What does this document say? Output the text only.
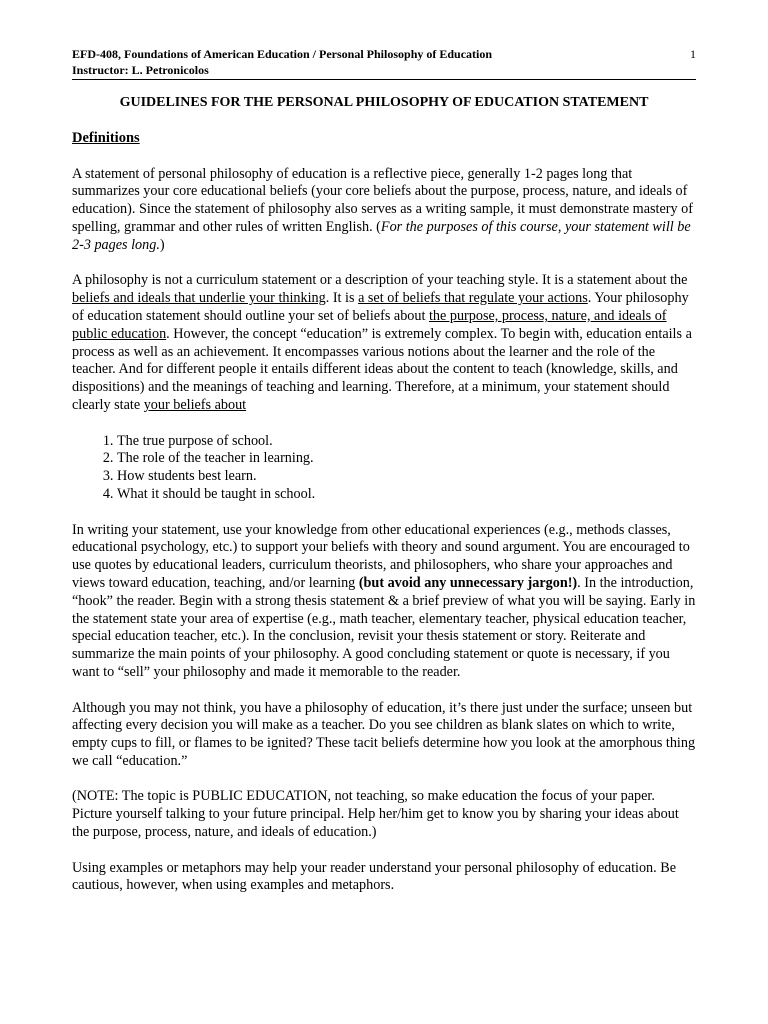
EFD-408, Foundations of American Education / Personal Philosophy of Education
Instructor: L. Petronicolos
1
GUIDELINES FOR THE PERSONAL PHILOSOPHY OF EDUCATION STATEMENT
Definitions

A statement of personal philosophy of education is a reflective piece, generally 1-2 pages long that summarizes your core educational beliefs (your core beliefs about the purpose, process, nature, and ideals of education). Since the statement of philosophy also serves as a writing sample, it must demonstrate mastery of spelling, grammar and other rules of written English. (For the purposes of this course, your statement will be 2-3 pages long.)

A philosophy is not a curriculum statement or a description of your teaching style. It is a statement about the beliefs and ideals that underlie your thinking. It is a set of beliefs that regulate your actions. Your philosophy of education statement should outline your set of beliefs about the purpose, process, nature, and ideals of public education. However, the concept “education” is extremely complex. To begin with, education entails a process as well as an achievement. It encompasses various notions about the learner and the role of the teacher. And for different people it entails different ideas about the content to teach (knowledge, skills, and dispositions) and the meanings of teaching and learning. Therefore, at a minimum, your statement should clearly state your beliefs about

1. The true purpose of school.
2. The role of the teacher in learning.
3. How students best learn.
4. What it should be taught in school.

In writing your statement, use your knowledge from other educational experiences (e.g., methods classes, educational psychology, etc.) to support your beliefs with theory and sound argument. You are encouraged to use quotes by educational leaders, curriculum theorists, and philosophers, who share your approaches and views toward education, teaching, and/or learning (but avoid any unnecessary jargon!). In the introduction, “hook” the reader. Begin with a strong thesis statement & a brief preview of what you will be saying. Early in the statement state your area of expertise (e.g., math teacher, elementary teacher, physical education teacher, special education teacher, etc.). In the conclusion, revisit your thesis statement or story. Reiterate and summarize the main points of your philosophy. A good concluding statement or quote is necessary, if you want to “sell” your philosophy and made it memorable to the reader.

Although you may not think, you have a philosophy of education, it’s there just under the surface; unseen but affecting every decision you will make as a teacher. Do you see children as blank slates on which to write, empty cups to fill, or flames to be ignited? These tacit beliefs determine how you look at the amorphous thing we call “education.”

(NOTE: The topic is PUBLIC EDUCATION, not teaching, so make education the focus of your paper. Picture yourself talking to your future principal. Help her/him get to know you by sharing your ideas about the purpose, process, nature, and ideals of education.)

Using examples or metaphors may help your reader understand your personal philosophy of education. Be cautious, however, when using examples and metaphors.
